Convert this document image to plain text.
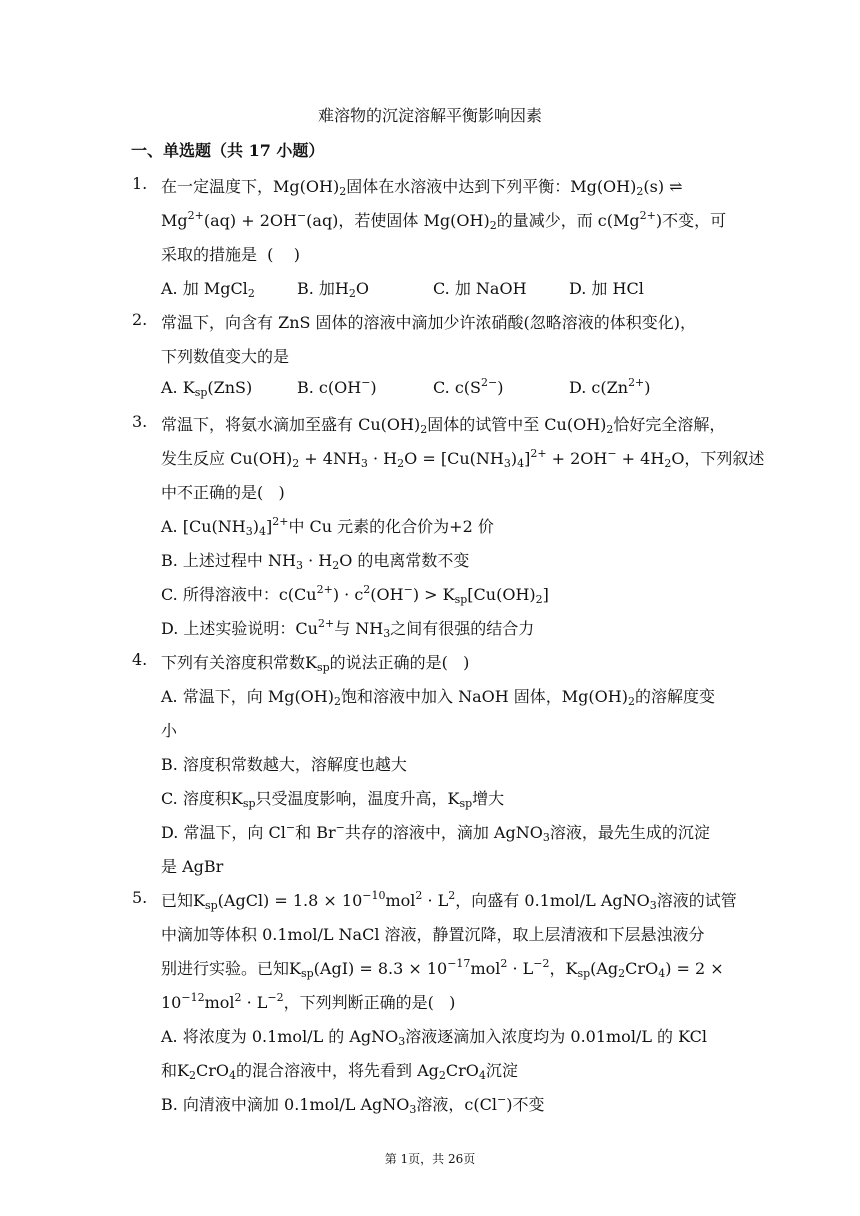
难溶物的沉淀溶解平衡影响因素
一、单选题（共 17 小题）
1. 在一定温度下，$Mg(OH)_2$固体在水溶液中达到下列平衡：$Mg(OH)_2(s)$ ⇌
$Mg^{2+}(aq) + 2OH^-(aq)$，若使固体 $Mg(OH)_2$的量减少，而 $c(Mg^{2+})$不变，可
采取的措施是  (    )
A. 加 MgCl$_2$	B. 加$H_2O$	C. 加 NaOH	D. 加 HCl
2. 常温下，向含有 ZnS 固体的溶液中滴加少许浓硝酸(忽略溶液的体积变化)，
下列数值变大的是
A. $K_{sp}(ZnS)$	B. c(OH−)	C. $c(S^{2-})$	D. $c(Zn^{2+})$
3. 常温下，将氨水滴加至盛有 $Cu(OH)_2$固体的试管中至 $Cu(OH)_2$恰好完全溶解，
发生反应 $Cu(OH)_2 + 4NH_3 \cdot H_2O = [Cu(NH_3)_4]^{2+} + 2OH^- + 4H_2O$，下列叙述
中不正确的是(   )
A. $[Cu(NH_3)_4]^{2+}$中 Cu 元素的化合价为+2 价
B. 上述过程中 $NH_3 \cdot H_2O$ 的电离常数不变
C. 所得溶液中：$c(Cu^{2+}) \cdot c^2(OH^-) > K_{sp}[Cu(OH)_2]$
D. 上述实验说明：$Cu^{2+}$与 $NH_3$之间有很强的结合力
4. 下列有关溶度积常数$K_{sp}$的说法正确的是(   )
A. 常温下，向 $Mg(OH)_2$饱和溶液中加入 NaOH 固体，$Mg(OH)_2$的溶解度变
小
B. 溶度积常数越大，溶解度也越大
C. 溶度积$K_{sp}$只受温度影响，温度升高，$K_{sp}$增大
D. 常温下，向 Cl−和 Br−共存的溶液中，滴加 AgNO$_3$溶液，最先生成的沉淀
是 AgBr
5. 已知$K_{sp}(AgCl) = 1.8 \times 10^{-10}mol^2 \cdot L^2$，向盛有 0.1mol/L AgNO$_3$溶液的试管
中滴加等体积 0.1mol/L NaCl 溶液，静置沉降，取上层清液和下层悬浊液分
别进行实验。已知$K_{sp}(AgI) = 8.3 \times 10^{-17}mol^2 \cdot L^{-2}$，$K_{sp}(Ag_2CrO_4) = 2$ ×
$10^{-12}mol^2 \cdot L^{-2}$，下列判断正确的是(   )
A. 将浓度为 0.1mol/L 的 AgNO$_3$溶液逐滴加入浓度均为 0.01mol/L 的 KCl
和$K_2CrO_4$的混合溶液中，将先看到 $Ag_2CrO_4$沉淀
B. 向清液中滴加 0.1mol/L AgNO$_3$溶液，c(Cl−)不变
第 1页，共 26页
